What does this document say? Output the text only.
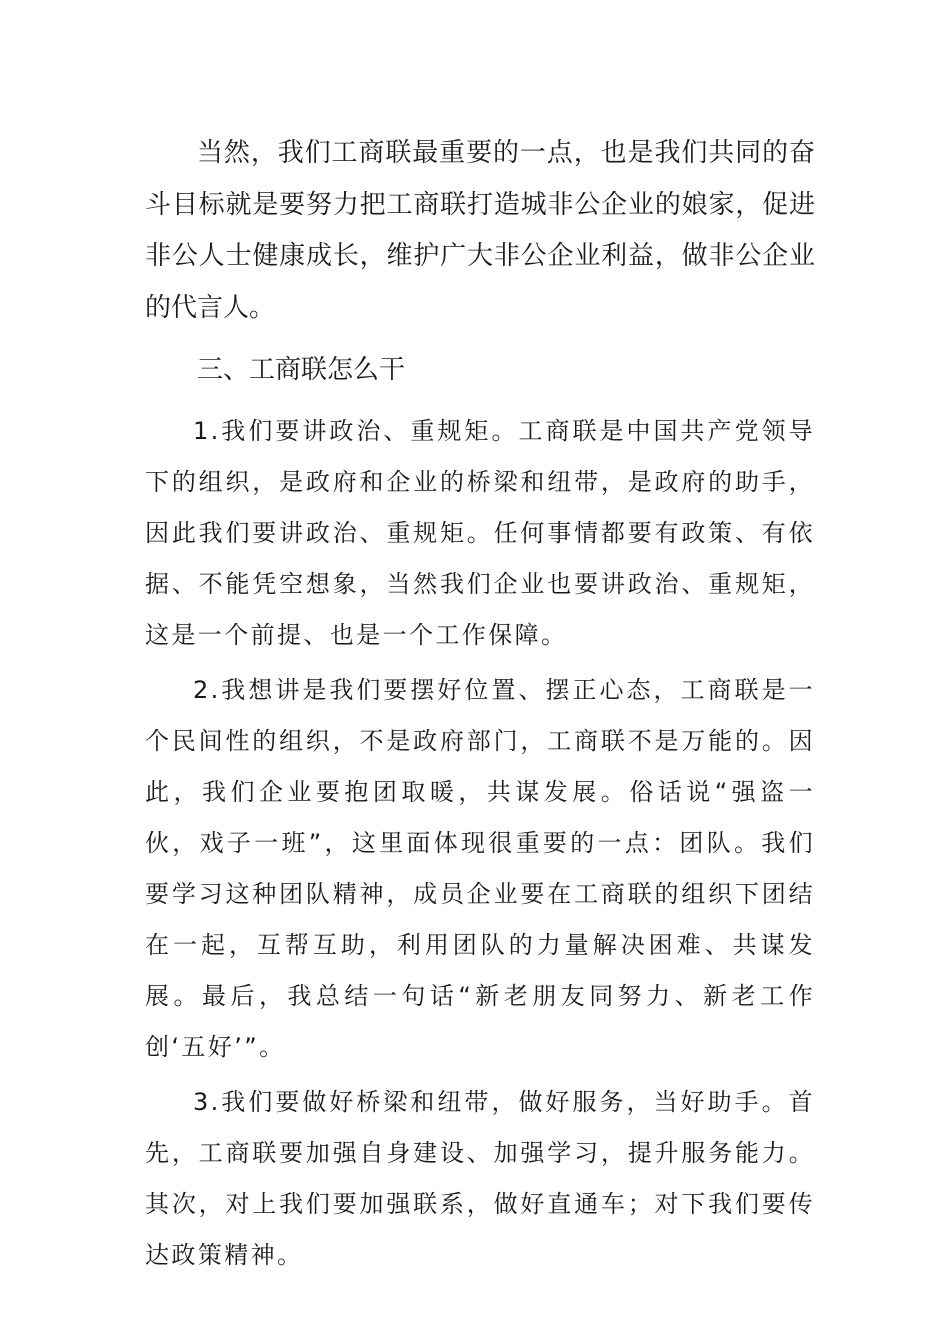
当然，我们工商联最重要的一点，也是我们共同的奋斗目标就是要努力把工商联打造城非公企业的娘家，促进非公人士健康成长，维护广大非公企业利益，做非公企业的代言人。

三、工商联怎么干

1.我们要讲政治、重规矩。工商联是中国共产党领导下的组织，是政府和企业的桥梁和纽带，是政府的助手，因此我们要讲政治、重规矩。任何事情都要有政策、有依据、不能凭空想象，当然我们企业也要讲政治、重规矩，这是一个前提、也是一个工作保障。

2.我想讲是我们要摆好位置、摆正心态，工商联是一个民间性的组织，不是政府部门，工商联不是万能的。因此，我们企业要抱团取暖，共谋发展。俗话说“强盗一伙，戏子一班”，这里面体现很重要的一点：团队。我们要学习这种团队精神，成员企业要在工商联的组织下团结在一起，互帮互助，利用团队的力量解决困难、共谋发展。最后，我总结一句话“新老朋友同努力、新老工作创‘五好’”。

3.我们要做好桥梁和纽带，做好服务，当好助手。首先，工商联要加强自身建设、加强学习，提升服务能力。其次，对上我们要加强联系，做好直通车；对下我们要传达政策精神。
